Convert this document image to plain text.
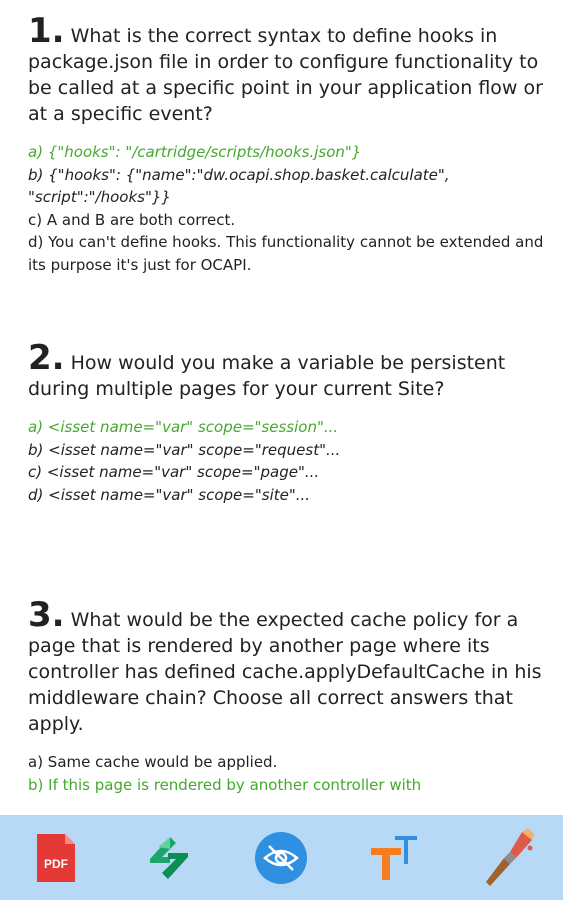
1. What is the correct syntax to define hooks in package.json file in order to configure functionality to be called at a specific point in your application flow or at a specific event?

a) {"hooks": "/cartridge/scripts/hooks.json"}
b) {"hooks": {"name":"dw.ocapi.shop.basket.calculate", "script":"/hooks"}}
c) A and B are both correct.
d) You can't define hooks. This functionality cannot be extended and its purpose it's just for OCAPI.

2. How would you make a variable be persistent during multiple pages for your current Site?

a) <isset name="var" scope="session"...
b) <isset name="var" scope="request"...
c) <isset name="var" scope="page"...
d) <isset name="var" scope="site"...

3. What would be the expected cache policy for a page that is rendered by another page where its controller has defined cache.applyDefaultCache in his middleware chain? Choose all correct answers that apply.

a) Same cache would be applied.
b) If this page is rendered by another controller with
PDF
